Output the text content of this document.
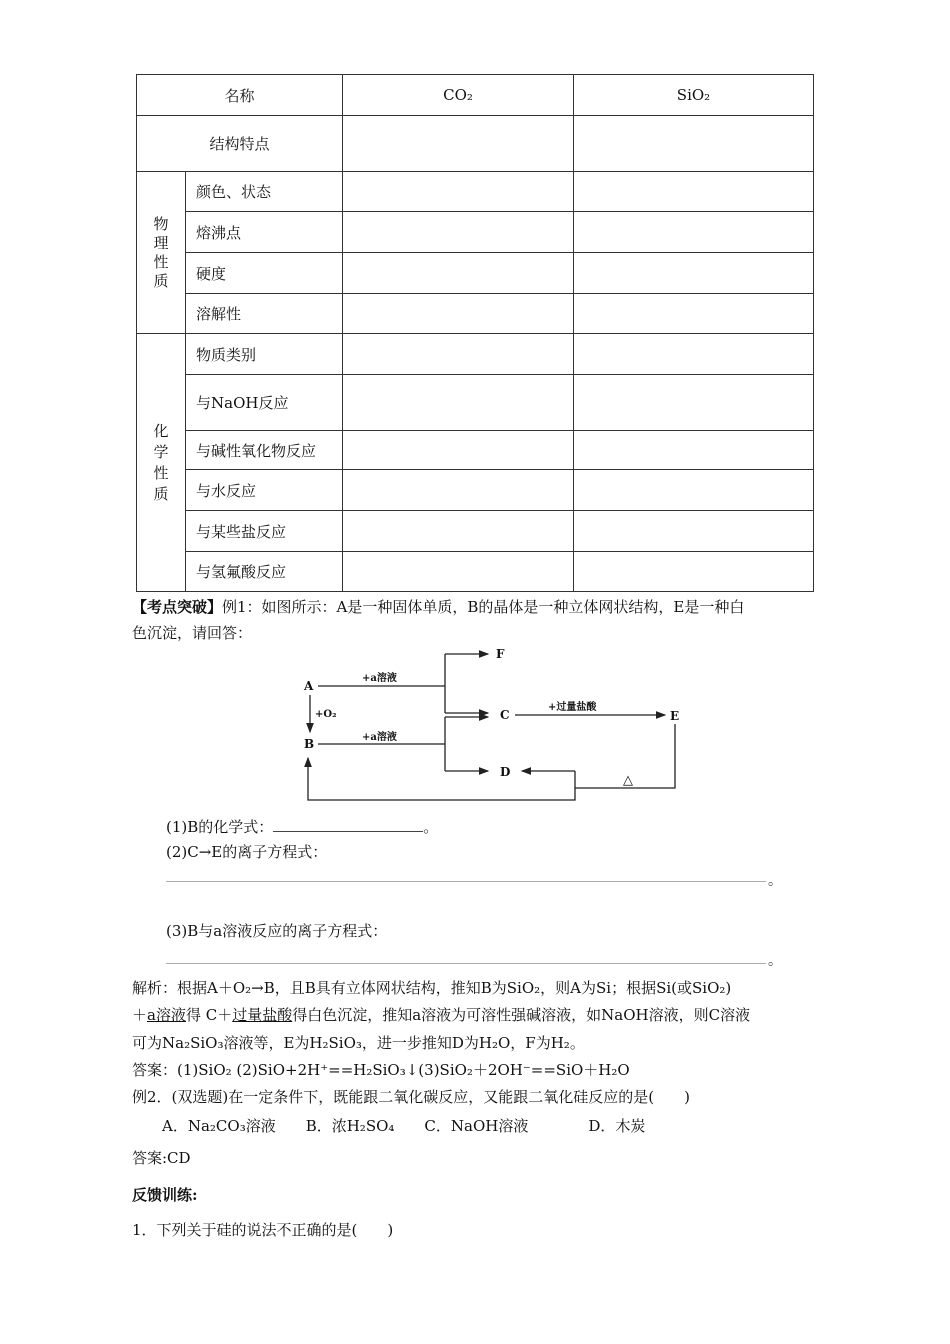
名称		CO₂	SiO₂
结构特点			
物理性质	颜色、状态		
	熔沸点		
	硬度		
	溶解性		
化学性质	物质类别		
	与NaOH反应		
	与碱性氧化物反应		
	与水反应		
	与某些盐反应		
	与氢氟酸反应		
【考点突破】例1：如图所示：A是一种固体单质，B的晶体是一种立体网状结构，E是一种白
色沉淀，请回答：
A
B
C
D
E
F
+a溶液
+a溶液
+O₂
+过量盐酸
△
(1)B的化学式：	。
(2)C→E的离子方程式：
。
(3)B与a溶液反应的离子方程式：
。
解析：根据A＋O₂→B，且B具有立体网状结构，推知B为SiO₂，则A为Si；根据Si(或SiO₂)
＋a溶液得 C＋过量盐酸得白色沉淀，推知a溶液为可溶性强碱溶液，如NaOH溶液，则C溶液
可为Na₂SiO₃溶液等，E为H₂SiO₃，进一步推知D为H₂O，F为H₂。
答案：(1)SiO₂ (2)SiO+2H⁺==H₂SiO₃↓(3)SiO₂＋2OH⁻==SiO＋H₂O
例2．(双选题)在一定条件下，既能跟二氧化碳反应，又能跟二氧化硅反应的是(　　)
A．Na₂CO₃溶液　　B．浓H₂SO₄　　C．NaOH溶液　　　　D．木炭
答案:CD
反馈训练:
1．下列关于硅的说法不正确的是(　　)
